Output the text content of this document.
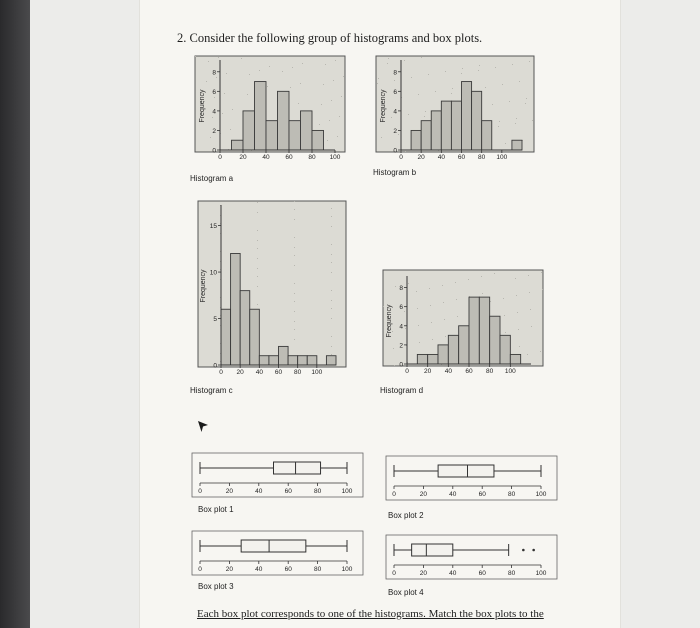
2. Consider the following group of histograms and box plots.
0
2
4
6
8
0	20 40 60 80 100
Frequency
Histogram a
0
2
4
6
8
0 20 40 60 80 100
Frequency
Histogram b
0
5
10
15
0 20 40 60 80 100
Frequency
Histogram c
0
2
4
6
8
0 20 40 60 80 100
Frequency
Histogram d
0	20	40	60	80	100
Box plot 1
0	20	40	60	80	100
Box plot 2
0	20	40	60	80	100
Box plot 3
0	20	40	60	80	100
Box plot 4
Each box plot corresponds to one of the histograms. Match the box plots to the
